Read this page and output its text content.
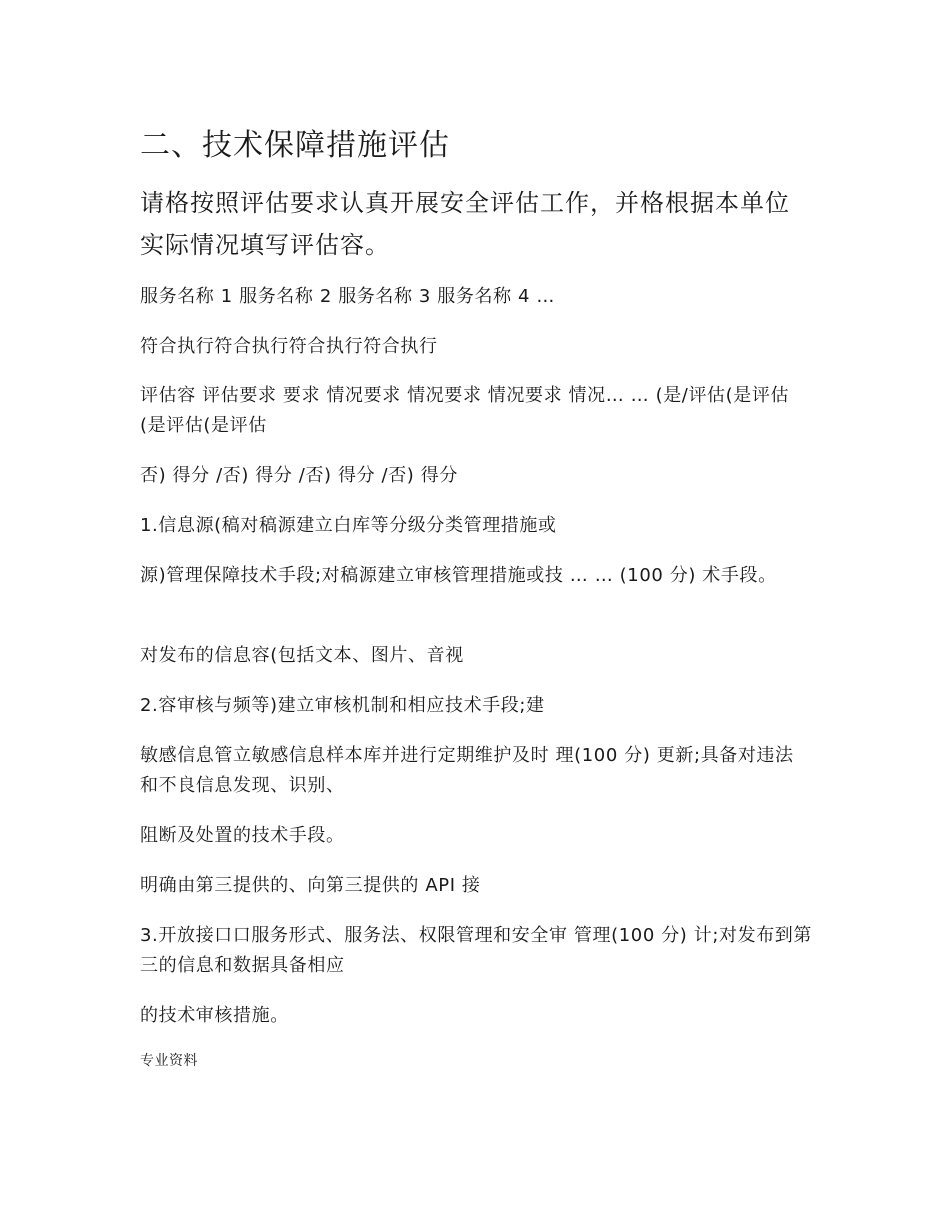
二、技术保障措施评估

请格按照评估要求认真开展安全评估工作，并格根据本单位实际情况填写评估容。

服务名称 1 服务名称 2 服务名称 3 服务名称 4 …

符合执行符合执行符合执行符合执行

评估容 评估要求 要求 情况要求 情况要求 情况要求 情况… … (是/评估(是评估(是评估(是评估

否) 得分 /否) 得分 /否) 得分 /否) 得分

1.信息源(稿对稿源建立白库等分级分类管理措施或

源)管理保障技术手段;对稿源建立审核管理措施或技 … … (100 分) 术手段。

对发布的信息容(包括文本、图片、音视

2.容审核与频等)建立审核机制和相应技术手段;建

敏感信息管立敏感信息样本库并进行定期维护及时 理(100 分) 更新;具备对违法和不良信息发现、识别、

阻断及处置的技术手段。

明确由第三提供的、向第三提供的 API 接

3.开放接口口服务形式、服务法、权限管理和安全审 管理(100 分) 计;对发布到第三的信息和数据具备相应

的技术审核措施。

专业资料
